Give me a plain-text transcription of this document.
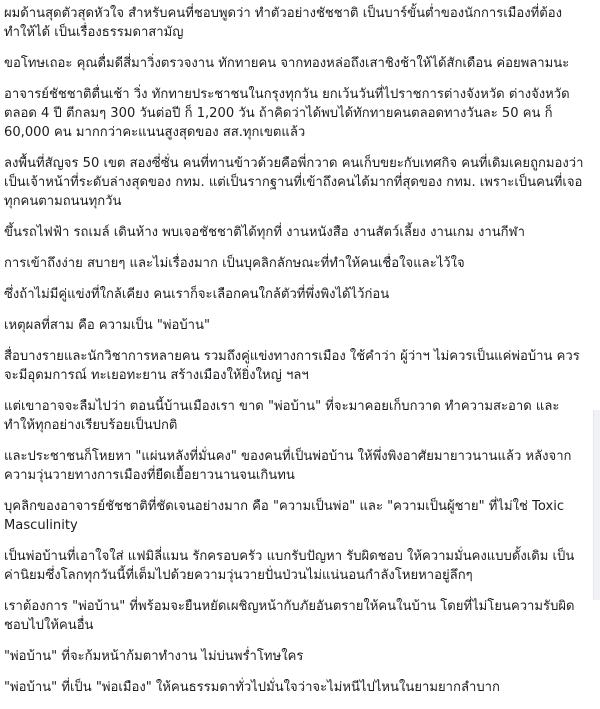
ผมด้านสุดตัวสุดหัวใจ สำหรับคนที่ชอบพูดว่า ทำตัวอย่างชัชชาติ เป็นบาร์ขั้นต่ำของนักการเมืองที่ต้องทำให้ได้ เป็นเรื่องธรรมดาสามัญ

ขอโทษเถอะ คุณดื่มดีสี่มาวิ่งตรวจงาน ทักทายคน จากทองหล่อถึงเสาชิงช้าให้ได้สักเดือน ค่อยพลามนะ

อาจารย์ชัชชาติตื่นเช้า วิ่ง ทักทายประชาชนในกรุงทุกวัน ยกเว้นวันที่ไปราชการต่างจังหวัด ต่างจังหวัดตลอด 4 ปี ตีกลมๆ 300 วันต่อปี ก็ 1,200 วัน ถ้าคิดว่าได้พบได้ทักทายคนตลอดทางวันละ 50 คน ก็ 60,000 คน มากกว่าคะแนนสูงสุดของ สส.ทุกเขตแล้ว

ลงพื้นที่สัญจร 50 เขต สองซี่ซั่น คนที่ทานข้าวด้วยคือพี่กวาด คนเก็บขยะกับเทศกิจ คนที่เดิมเคยถูกมองว่าเป็นเจ้าหน้าที่ระดับล่างสุดของ กทม. แต่เป็นรากฐานที่เข้าถึงคนได้มากที่สุดของ กทม. เพราะเป็นคนที่เจอทุกคนตามถนนทุกวัน

ขึ้นรถไฟฟ้า รถเมล์ เดินห้าง พบเจอชัชชาติได้ทุกที่ งานหนังสือ งานสัตว์เลี้ยง งานเกม งานกีฬา

การเข้าถึงง่าย สบายๆ และไม่เรื่องมาก เป็นบุคลิกลักษณะที่ทำให้คนเชื่อใจและไว้ใจ

ซึ่งถ้าไม่มีคู่แข่งที่ใกล้เคียง คนเราก็จะเลือกคนใกล้ตัวที่พึ่งพิงได้ไว้ก่อน

เหตุผลที่สาม คือ ความเป็น "พ่อบ้าน"

สื่อบางรายและนักวิชาการหลายคน รวมถึงคู่แข่งทางการเมือง ใช้คำว่า ผู้ว่าฯ ไม่ควรเป็นแค่พ่อบ้าน ควรจะมีอุดมการณ์ ทะเยอทะยาน สร้างเมืองให้ยิ่งใหญ่ ฯลฯ

แต่เขาอาจจะลืมไปว่า ตอนนี้บ้านเมืองเรา ขาด "พ่อบ้าน" ที่จะมาคอยเก็บกวาด ทำความสะอาด และทำให้ทุกอย่างเรียบร้อยเป็นปกติ

และประชาชนก็โหยหา "แผ่นหลังที่มั่นคง" ของคนที่เป็นพ่อบ้าน ให้พึ่งพิงอาศัยมายาวนานแล้ว หลังจากความวุ่นวายทางการเมืองที่ยืดเยื้อยาวนานจนเกินทน

บุคลิกของอาจารย์ชัชชาติที่ชัดเจนอย่างมาก คือ "ความเป็นพ่อ" และ "ความเป็นผู้ชาย" ที่ไม่ใช่ Toxic Masculinity

เป็นพ่อบ้านที่เอาใจใส่ แฟมิลี่แมน รักครอบครัว แบกรับปัญหา รับผิดชอบ ให้ความมั่นคงแบบดั้งเดิม เป็นค่านิยมซึ่งโลกทุกวันนี้ที่เต็มไปด้วยความวุ่นวายปั่นป่วนไม่แน่นอนกำลังโหยหาอยู่ลึกๆ

เราต้องการ "พ่อบ้าน" ที่พร้อมจะยืนหยัดเผชิญหน้ากับภัยอันตรายให้คนในบ้าน โดยที่ไม่โยนความรับผิดชอบไปให้คนอื่น

"พ่อบ้าน" ที่จะก้มหน้าก้มตาทำงาน ไม่บ่นพร่ำโทษใคร

"พ่อบ้าน" ที่เป็น "พ่อเมือง" ให้คนธรรมดาทั่วไปมั่นใจว่าจะไม่หนีไปไหนในยามยากลำบาก
